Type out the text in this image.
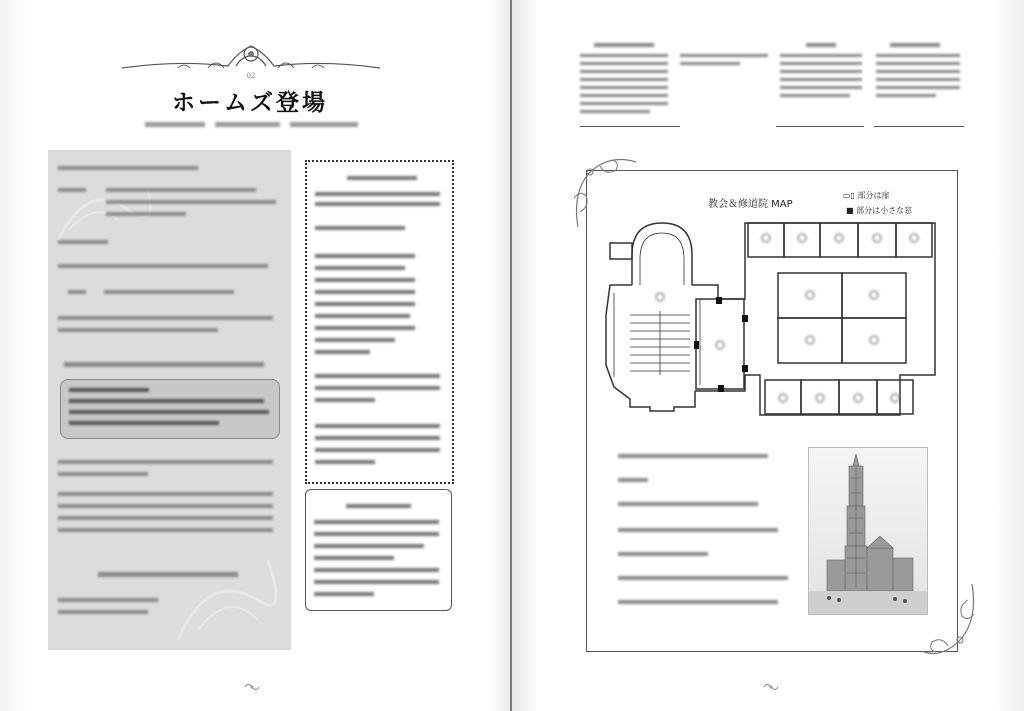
02
ホームズ登場
教会＆修道院 MAP
▭▯ 部分は扉
■ 部分は小さな窓
